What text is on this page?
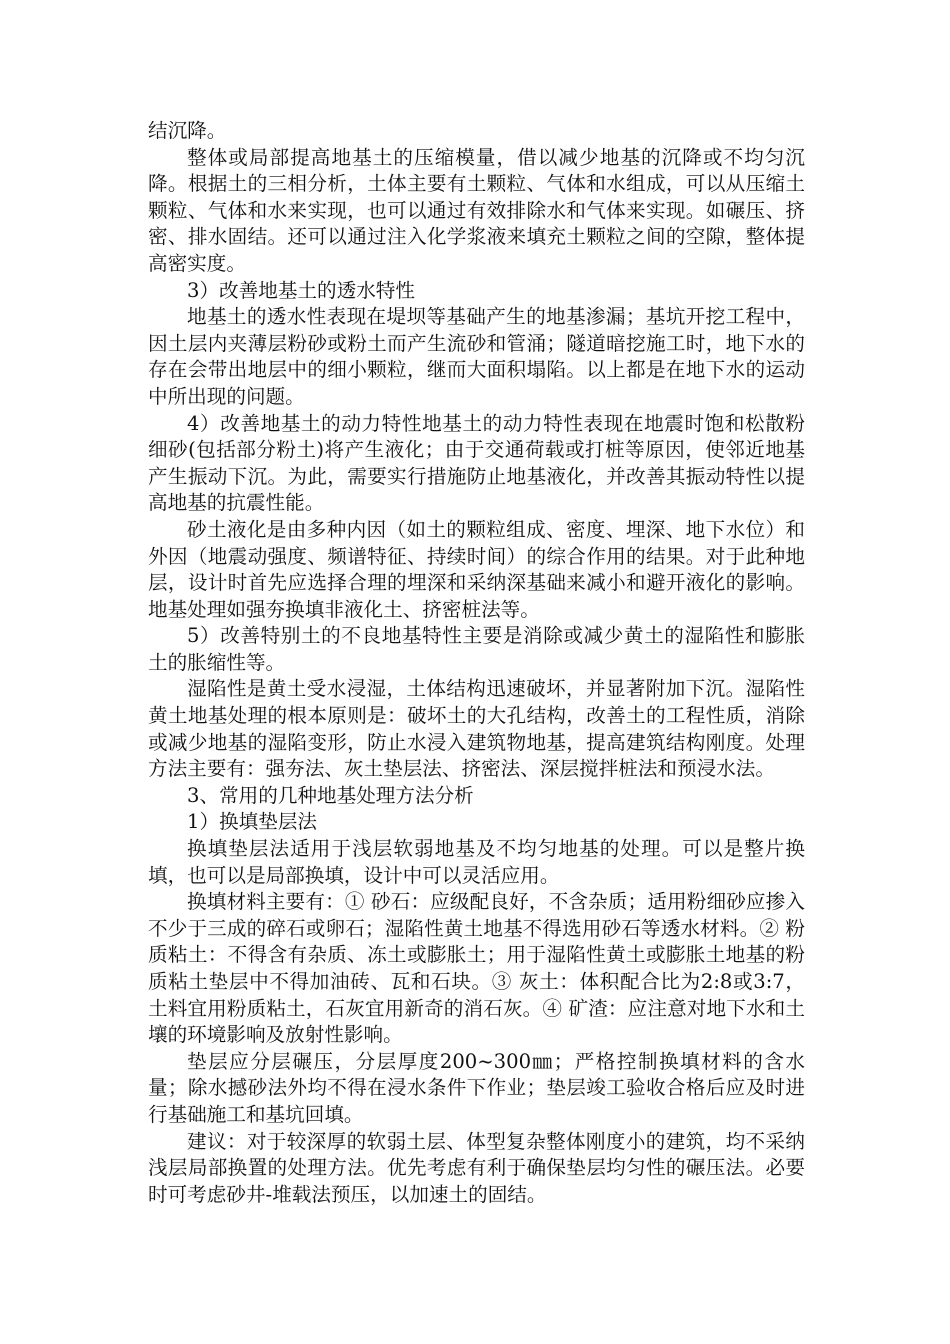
结沉降。

整体或局部提高地基土的压缩模量，借以减少地基的沉降或不均匀沉降。根据土的三相分析，土体主要有土颗粒、气体和水组成，可以从压缩土颗粒、气体和水来实现，也可以通过有效排除水和气体来实现。如碾压、挤密、排水固结。还可以通过注入化学浆液来填充土颗粒之间的空隙，整体提高密实度。

3）改善地基土的透水特性

地基土的透水性表现在堤坝等基础产生的地基渗漏；基坑开挖工程中，因土层内夹薄层粉砂或粉土而产生流砂和管涌；隧道暗挖施工时，地下水的存在会带出地层中的细小颗粒，继而大面积塌陷。以上都是在地下水的运动中所出现的问题。

4）改善地基土的动力特性地基土的动力特性表现在地震时饱和松散粉细砂(包括部分粉土)将产生液化；由于交通荷载或打桩等原因，使邻近地基产生振动下沉。为此，需要实行措施防止地基液化，并改善其振动特性以提高地基的抗震性能。

砂土液化是由多种内因（如土的颗粒组成、密度、埋深、地下水位）和外因（地震动强度、频谱特征、持续时间）的综合作用的结果。对于此种地层，设计时首先应选择合理的埋深和采纳深基础来减小和避开液化的影响。地基处理如强夯换填非液化土、挤密桩法等。

5）改善特别土的不良地基特性主要是消除或减少黄土的湿陷性和膨胀土的胀缩性等。

湿陷性是黄土受水浸湿，土体结构迅速破坏，并显著附加下沉。湿陷性黄土地基处理的根本原则是：破坏土的大孔结构，改善土的工程性质，消除或减少地基的湿陷变形，防止水浸入建筑物地基，提高建筑结构刚度。处理方法主要有：强夯法、灰土垫层法、挤密法、深层搅拌桩法和预浸水法。

3、常用的几种地基处理方法分析

1）换填垫层法

换填垫层法适用于浅层软弱地基及不均匀地基的处理。可以是整片换填，也可以是局部换填，设计中可以灵活应用。

换填材料主要有：① 砂石：应级配良好，不含杂质；适用粉细砂应掺入不少于三成的碎石或卵石；湿陷性黄土地基不得选用砂石等透水材料。② 粉质粘土：不得含有杂质、冻土或膨胀土；用于湿陷性黄土或膨胀土地基的粉质粘土垫层中不得加油砖、瓦和石块。③ 灰土：体积配合比为2:8或3:7，土料宜用粉质粘土，石灰宜用新奇的消石灰。④ 矿渣：应注意对地下水和土壤的环境影响及放射性影响。

垫层应分层碾压，分层厚度200~300㎜；严格控制换填材料的含水量；除水撼砂法外均不得在浸水条件下作业；垫层竣工验收合格后应及时进行基础施工和基坑回填。

建议：对于较深厚的软弱土层、体型复杂整体刚度小的建筑，均不采纳浅层局部换置的处理方法。优先考虑有利于确保垫层均匀性的碾压法。必要时可考虑砂井-堆载法预压，以加速土的固结。
